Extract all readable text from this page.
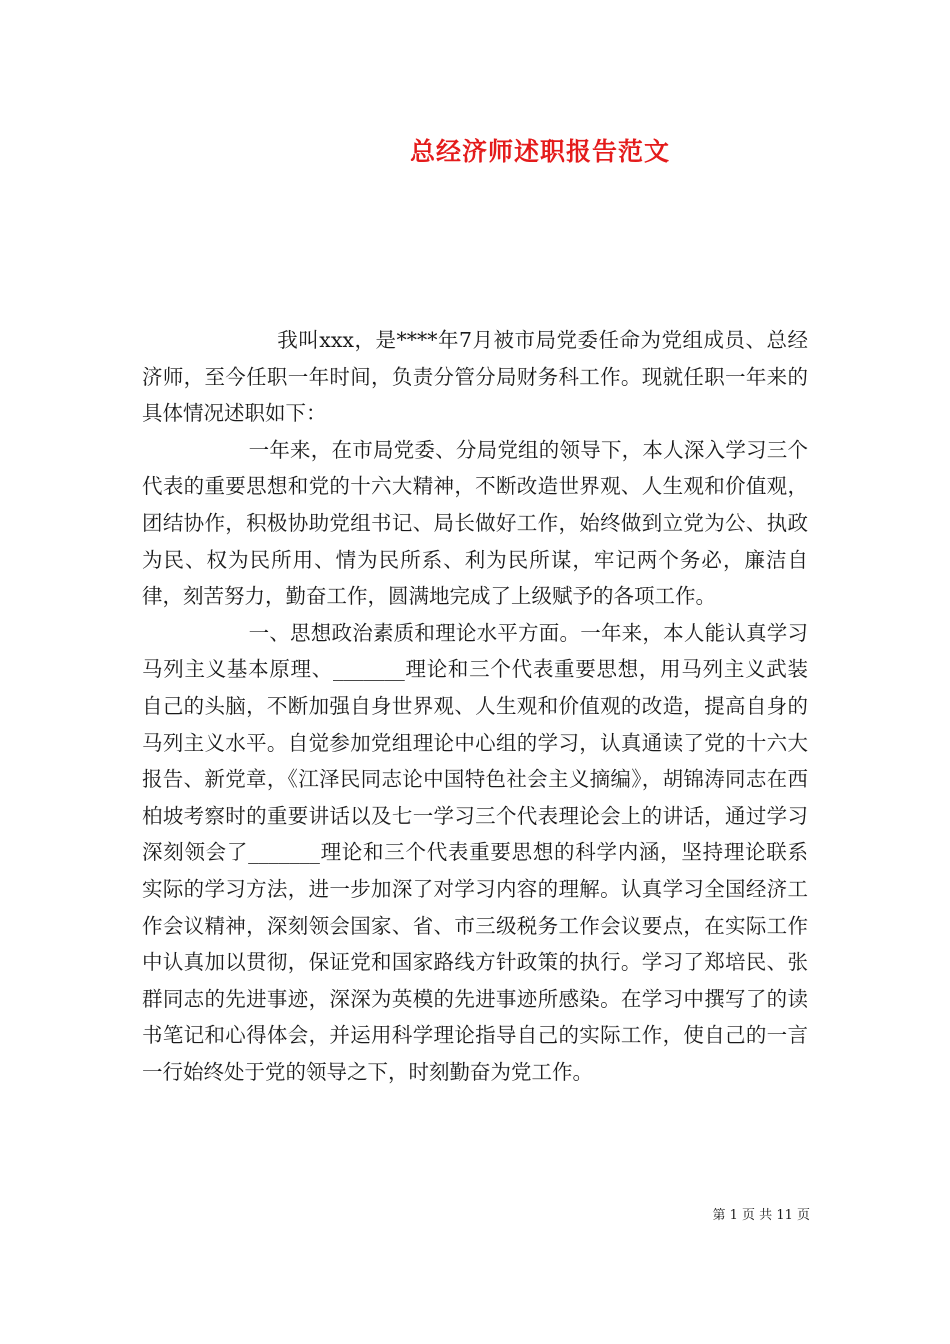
总经济师述职报告范文

我叫xxx，是****年7月被市局党委任命为党组成员、总经济师，至今任职一年时间，负责分管分局财务科工作。现就任职一年来的具体情况述职如下：

一年来，在市局党委、分局党组的领导下，本人深入学习三个代表的重要思想和党的十六大精神，不断改造世界观、人生观和价值观，团结协作，积极协助党组书记、局长做好工作，始终做到立党为公、执政为民、权为民所用、情为民所系、利为民所谋，牢记两个务必，廉洁自律，刻苦努力，勤奋工作，圆满地完成了上级赋予的各项工作。

一、思想政治素质和理论水平方面。一年来，本人能认真学习马列主义基本原理、_______理论和三个代表重要思想，用马列主义武装自己的头脑，不断加强自身世界观、人生观和价值观的改造，提高自身的马列主义水平。自觉参加党组理论中心组的学习，认真通读了党的十六大报告、新党章，《江泽民同志论中国特色社会主义摘编》，胡锦涛同志在西柏坡考察时的重要讲话以及七一学习三个代表理论会上的讲话，通过学习深刻领会了_______理论和三个代表重要思想的科学内涵，坚持理论联系实际的学习方法，进一步加深了对学习内容的理解。认真学习全国经济工作会议精神，深刻领会国家、省、市三级税务工作会议要点，在实际工作中认真加以贯彻，保证党和国家路线方针政策的执行。学习了郑培民、张群同志的先进事迹，深深为英模的先进事迹所感染。在学习中撰写了的读书笔记和心得体会，并运用科学理论指导自己的实际工作，使自己的一言一行始终处于党的领导之下，时刻勤奋为党工作。

第 1 页 共 11 页
